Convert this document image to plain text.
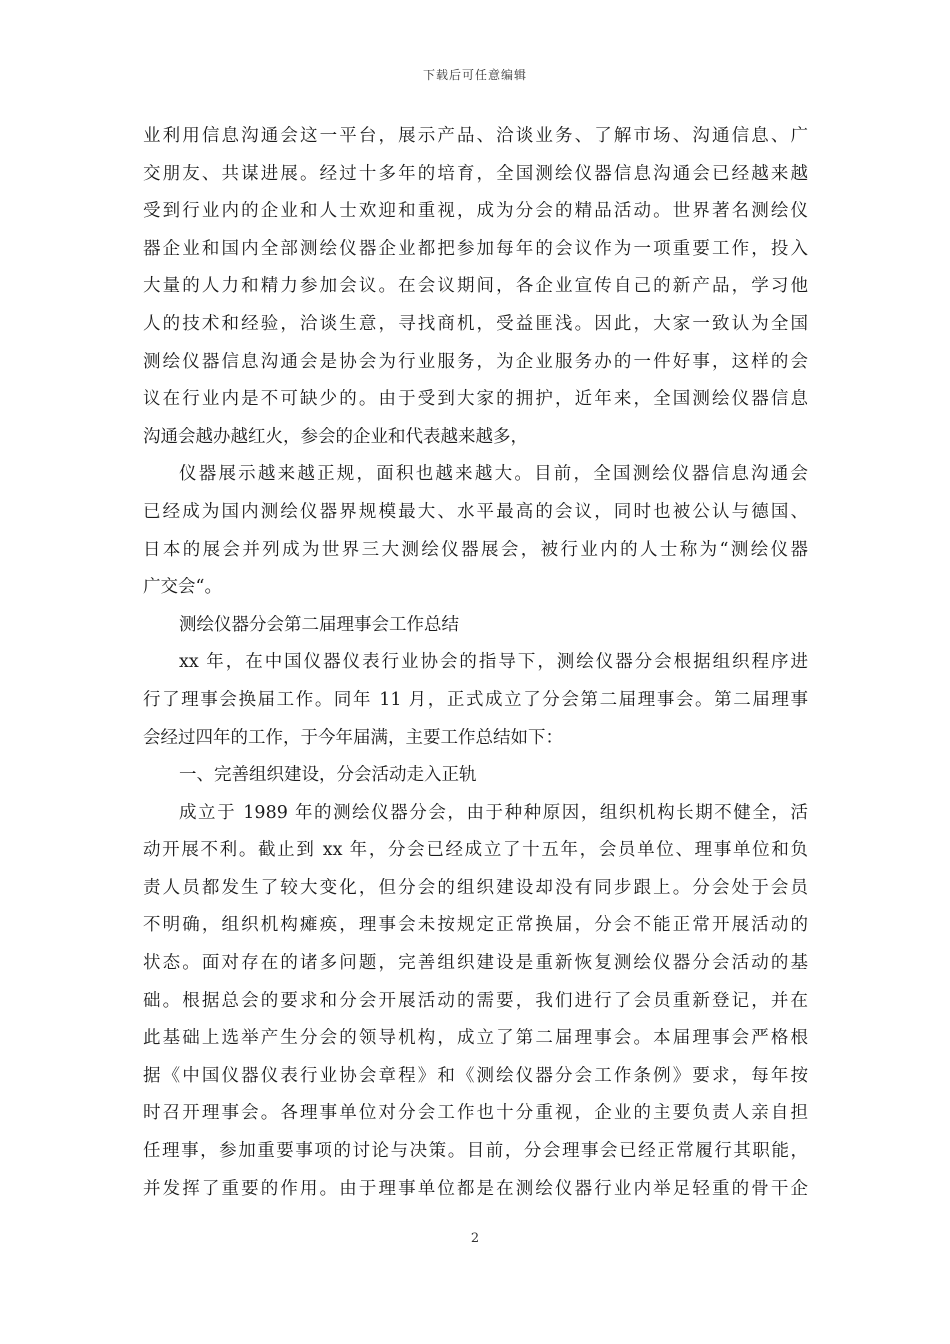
下载后可任意编辑
业利用信息沟通会这一平台，展示产品、洽谈业务、了解市场、沟通信息、广
交朋友、共谋进展。经过十多年的培育，全国测绘仪器信息沟通会已经越来越
受到行业内的企业和人士欢迎和重视，成为分会的精品活动。世界著名测绘仪
器企业和国内全部测绘仪器企业都把参加每年的会议作为一项重要工作，投入
大量的人力和精力参加会议。在会议期间，各企业宣传自己的新产品，学习他
人的技术和经验，洽谈生意，寻找商机，受益匪浅。因此，大家一致认为全国
测绘仪器信息沟通会是协会为行业服务，为企业服务办的一件好事，这样的会
议在行业内是不可缺少的。由于受到大家的拥护，近年来，全国测绘仪器信息
沟通会越办越红火，参会的企业和代表越来越多，
仪器展示越来越正规，面积也越来越大。目前，全国测绘仪器信息沟通会
已经成为国内测绘仪器界规模最大、水平最高的会议，同时也被公认与德国、
日本的展会并列成为世界三大测绘仪器展会，被行业内的人士称为“测绘仪器
广交会“。
测绘仪器分会第二届理事会工作总结
xx 年，在中国仪器仪表行业协会的指导下，测绘仪器分会根据组织程序进
行了理事会换届工作。同年 11 月，正式成立了分会第二届理事会。第二届理事
会经过四年的工作，于今年届满，主要工作总结如下：
一、完善组织建设，分会活动走入正轨
成立于 1989 年的测绘仪器分会，由于种种原因，组织机构长期不健全，活
动开展不利。截止到 xx 年，分会已经成立了十五年，会员单位、理事单位和负
责人员都发生了较大变化，但分会的组织建设却没有同步跟上。分会处于会员
不明确，组织机构瘫痪，理事会未按规定正常换届，分会不能正常开展活动的
状态。面对存在的诸多问题，完善组织建设是重新恢复测绘仪器分会活动的基
础。根据总会的要求和分会开展活动的需要，我们进行了会员重新登记，并在
此基础上选举产生分会的领导机构，成立了第二届理事会。本届理事会严格根
据《中国仪器仪表行业协会章程》和《测绘仪器分会工作条例》要求，每年按
时召开理事会。各理事单位对分会工作也十分重视，企业的主要负责人亲自担
任理事，参加重要事项的讨论与决策。目前，分会理事会已经正常履行其职能，
并发挥了重要的作用。由于理事单位都是在测绘仪器行业内举足轻重的骨干企
2
